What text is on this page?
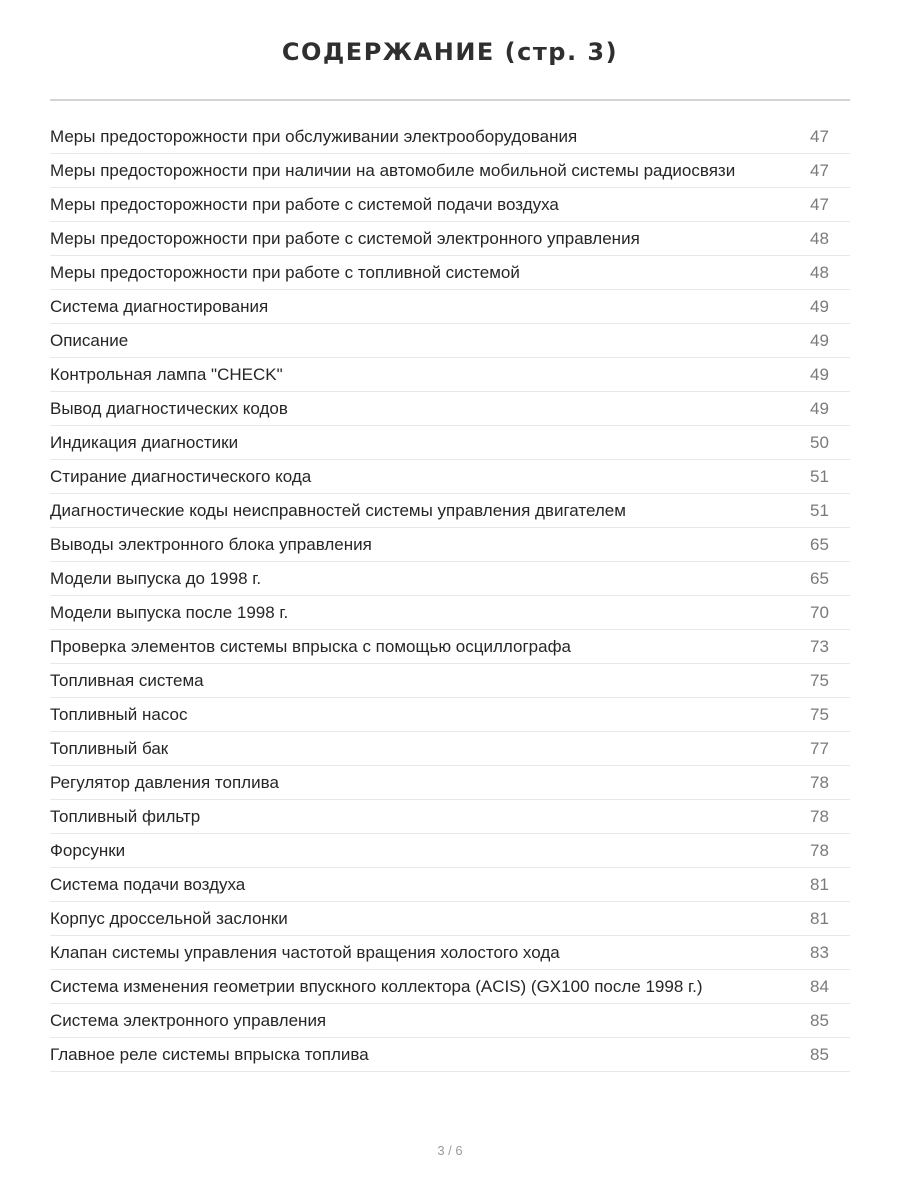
СОДЕРЖАНИЕ (стр. 3)
Меры предосторожности при обслуживании электрооборудования	47
Меры предосторожности при наличии на автомобиле мобильной системы радиосвязи	47
Меры предосторожности при работе с системой подачи воздуха	47
Меры предосторожности при работе с системой электронного управления	48
Меры предосторожности при работе с топливной системой	48
Система диагностирования	49
Описание	49
Контрольная лампа "CHECK"	49
Вывод диагностических кодов	49
Индикация диагностики	50
Стирание диагностического кода	51
Диагностические коды неисправностей системы управления двигателем	51
Выводы электронного блока управления	65
Модели выпуска до 1998 г.	65
Модели выпуска после 1998 г.	70
Проверка элементов системы впрыска с помощью осциллографа	73
Топливная система	75
Топливный насос	75
Топливный бак	77
Регулятор давления топлива	78
Топливный фильтр	78
Форсунки	78
Система подачи воздуха	81
Корпус дроссельной заслонки	81
Клапан системы управления частотой вращения холостого хода	83
Система изменения геометрии впускного коллектора (ACIS) (GX100 после 1998 г.)	84
Система электронного управления	85
Главное реле системы впрыска топлива	85
3 / 6
